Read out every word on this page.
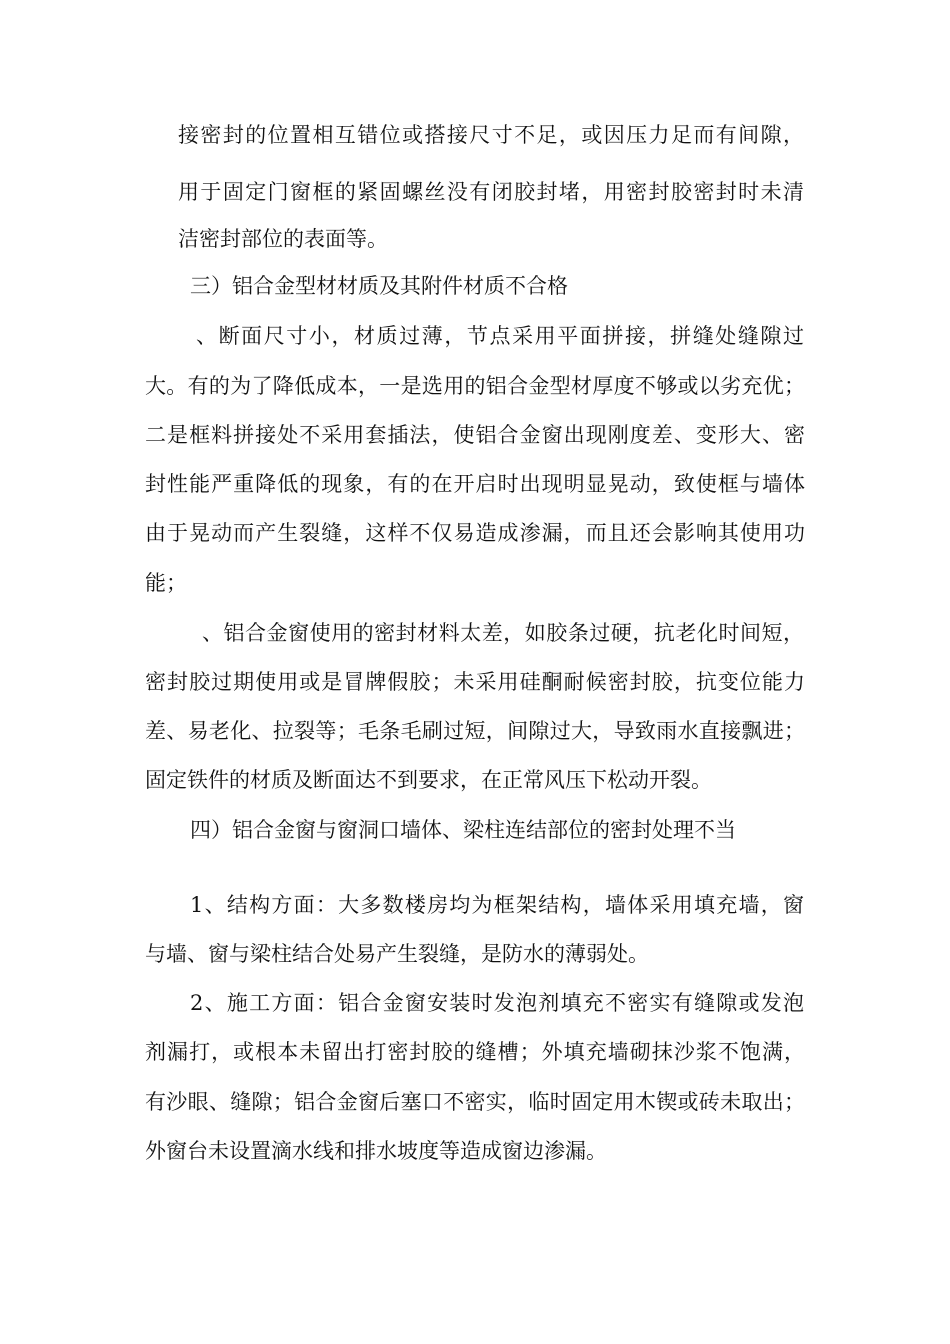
接密封的位置相互错位或搭接尺寸不足，或因压力足而有间隙，

用于固定门窗框的紧固螺丝没有闭胶封堵，用密封胶密封时未清

洁密封部位的表面等。

三）铝合金型材材质及其附件材质不合格

、断面尺寸小，材质过薄，节点采用平面拼接，拼缝处缝隙过

大。有的为了降低成本，一是选用的铝合金型材厚度不够或以劣充优；

二是框料拼接处不采用套插法，使铝合金窗出现刚度差、变形大、密

封性能严重降低的现象，有的在开启时出现明显晃动，致使框与墙体

由于晃动而产生裂缝，这样不仅易造成渗漏，而且还会影响其使用功

能；

、铝合金窗使用的密封材料太差，如胶条过硬，抗老化时间短，

密封胶过期使用或是冒牌假胶；未采用硅酮耐候密封胶，抗变位能力

差、易老化、拉裂等；毛条毛刷过短，间隙过大，导致雨水直接飘进；

固定铁件的材质及断面达不到要求，在正常风压下松动开裂。

四）铝合金窗与窗洞口墙体、梁柱连结部位的密封处理不当

1、结构方面：大多数楼房均为框架结构，墙体采用填充墙，窗

与墙、窗与梁柱结合处易产生裂缝，是防水的薄弱处。

2、施工方面：铝合金窗安装时发泡剂填充不密实有缝隙或发泡

剂漏打，或根本未留出打密封胶的缝槽；外填充墙砌抹沙浆不饱满，

有沙眼、缝隙；铝合金窗后塞口不密实，临时固定用木锲或砖未取出；

外窗台未设置滴水线和排水坡度等造成窗边渗漏。
